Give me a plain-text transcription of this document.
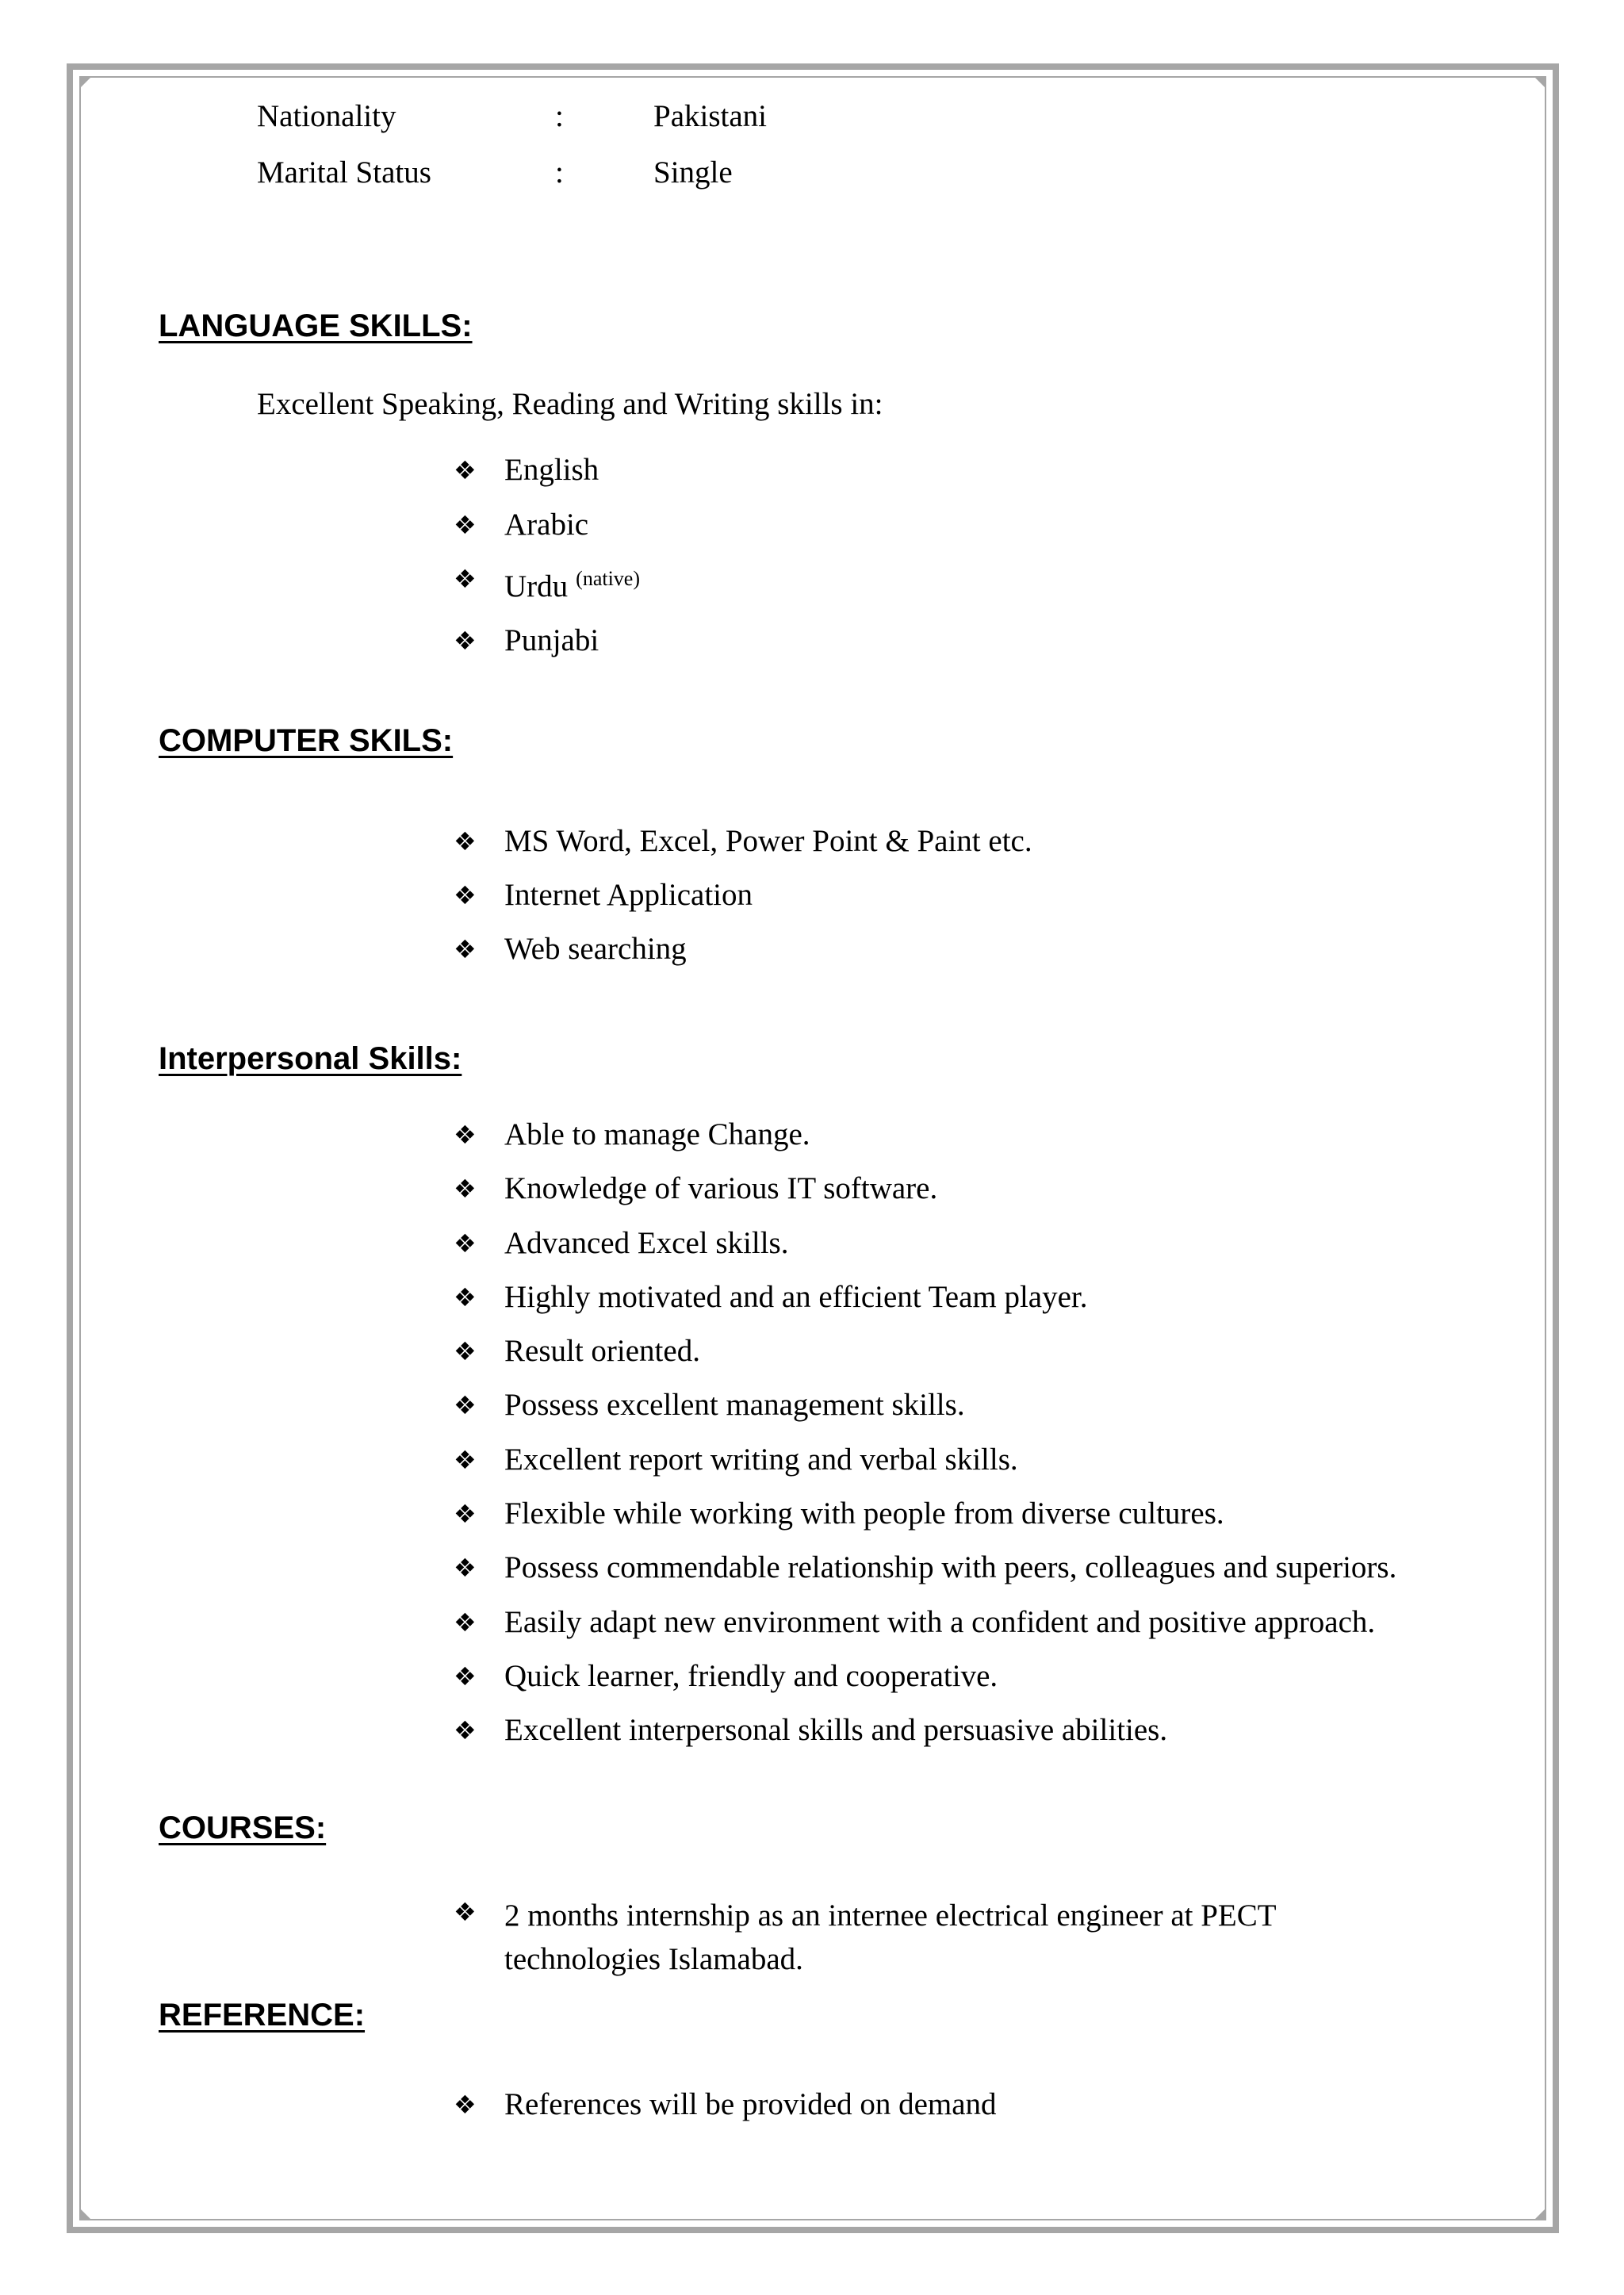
Nationality	:	Pakistani
Marital Status	:	Single
LANGUAGE SKILLS:
Excellent Speaking, Reading and Writing skills in:
❖ English
❖ Arabic
❖ Urdu $^{(native)}$
❖ Punjabi
COMPUTER SKILS:
❖ MS Word, Excel, Power Point & Paint etc.
❖ Internet Application
❖ Web searching
Interpersonal Skills:
❖ Able to manage Change.
❖ Knowledge of various IT software.
❖ Advanced Excel skills.
❖ Highly motivated and an efficient Team player.
❖ Result oriented.
❖ Possess excellent management skills.
❖ Excellent report writing and verbal skills.
❖ Flexible while working with people from diverse cultures.
❖ Possess commendable relationship with peers, colleagues and superiors.
❖ Easily adapt new environment with a confident and positive approach.
❖ Quick learner, friendly and cooperative.
❖ Excellent interpersonal skills and persuasive abilities.
COURSES:
❖ 2 months internship as an internee electrical engineer at PECT
technologies Islamabad.
REFERENCE:
❖ References will be provided on demand
